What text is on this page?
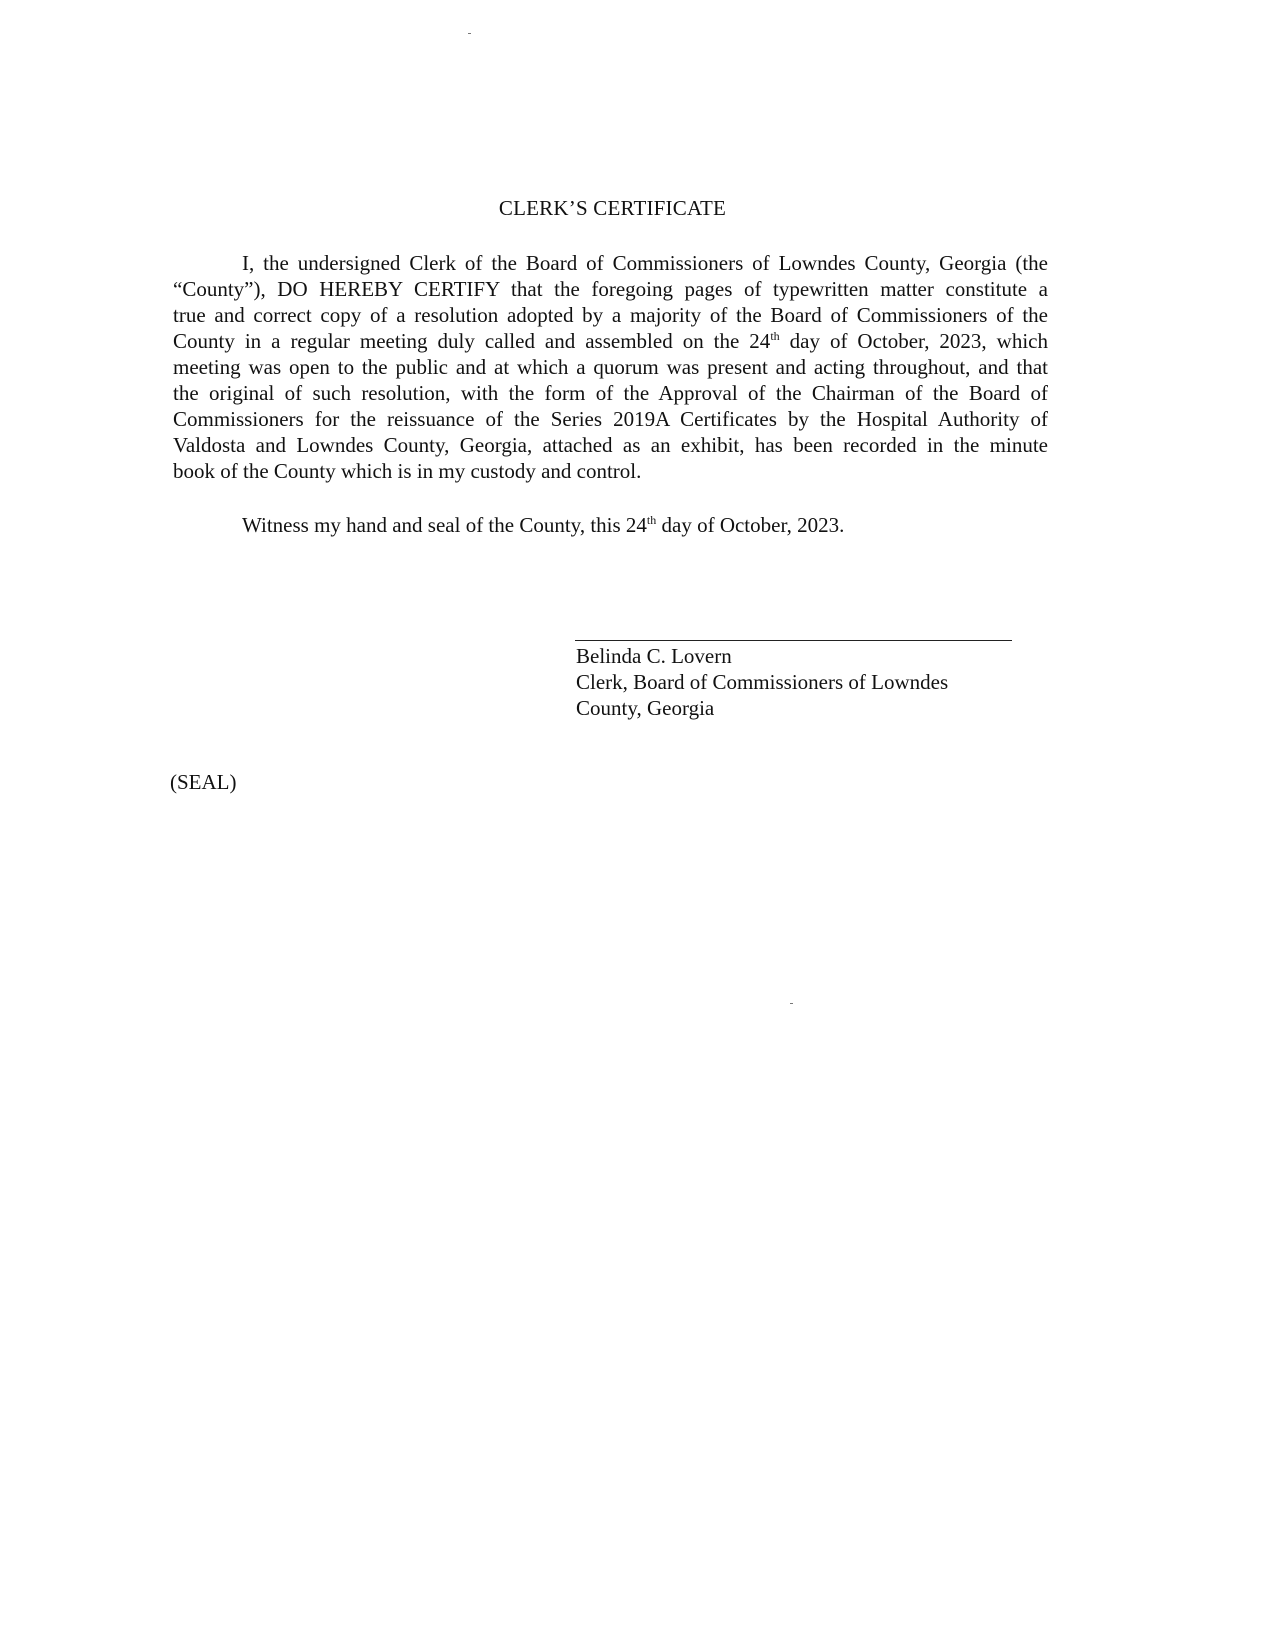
CLERK’S CERTIFICATE
I, the undersigned Clerk of the Board of Commissioners of Lowndes County, Georgia (the
“County”), DO HEREBY CERTIFY that the foregoing pages of typewritten matter constitute a
true and correct copy of a resolution adopted by a majority of the Board of Commissioners of the
County in a regular meeting duly called and assembled on the 24th day of October, 2023, which
meeting was open to the public and at which a quorum was present and acting throughout, and that
the original of such resolution, with the form of the Approval of the Chairman of the Board of
Commissioners for the reissuance of the Series 2019A Certificates by the Hospital Authority of
Valdosta and Lowndes County, Georgia, attached as an exhibit, has been recorded in the minute
book of the County which is in my custody and control.
Witness my hand and seal of the County, this 24th day of October, 2023.
Belinda C. Lovern
Clerk, Board of Commissioners of Lowndes
County, Georgia
(SEAL)
